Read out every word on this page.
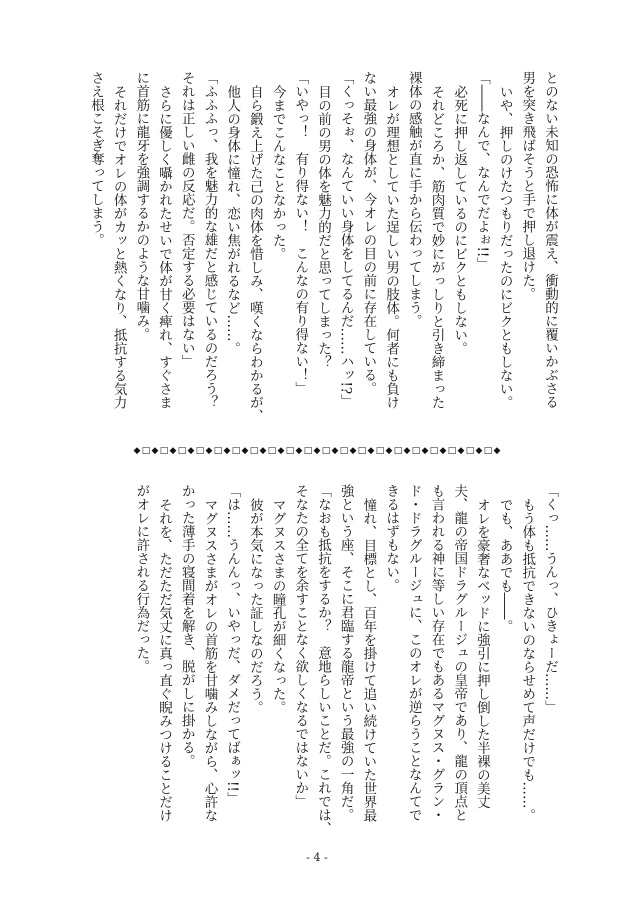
とのない未知の恐怖に体が震え、衝動的に覆いかぶさる
男を突き飛ばそうと手で押し退けた。
いや、押しのけたつもりだったのにビクともしない。
「――なんで、なんでだよぉ!!」
必死に押し返しているのにビクともしない。
それどころか、筋肉質で妙にがっしりと引き締まった
裸体の感触が直に手から伝わってしまう。
オレが理想としていた逞しい男の肢体。何者にも負け
ない最強の身体が、今オレの目の前に存在している。
「くっそぉ、なんていい身体をしてるんだ……ハッ!?」
目の前の男の体を魅力的だと思ってしまった？
「いやっ！　有り得ない！　こんなの有り得ない！」
今までこんなことなかった。
自ら鍛え上げた己の肉体を惜しみ、嘆くならわかるが、
他人の身体に憧れ、恋い焦がれるなど……。
「ふふふっ、我を魅力的な雄だと感じているのだろう？
それは正しい雌の反応だ。否定する必要はない」
さらに優しく囁かれたせいで体が甘く痺れ、すぐさま
に首筋に龍牙を強調するかのような甘噛み。
それだけでオレの体がカッと熱くなり、抵抗する気力
さえ根こそぎ奪ってしまう。
◆□◆□◆□◆□◆□◆□◆□◆□◆□◆□◆□◆□◆□◆□◆□◆□◆□◆□◆□◆□◆
「くっ……うんっ、ひきょーだ……」
もう体も抵抗できないのならせめて声だけでも……。
でも、ああでも――。
オレを豪奢なベッドに強引に押し倒した半裸の美丈
夫、龍の帝国ドラグルージュの皇帝であり、龍の頂点と
も言われる神に等しい存在でもあるマグヌス・グラン・
ド・ドラグルージュに、このオレが逆らうことなんてで
きるはずもない。
憧れ、目標とし、百年を掛けて追い続けていた世界最
強という座、そこに君臨する龍帝という最強の一角だ。
「なおも抵抗をするか？　意地らしいことだ。これでは、
そなたの全てを余すことなく欲しくなるではないか」
マグヌスさまの瞳孔が細くなった。
彼が本気になった証しなのだろう。
「は……うんんっ、いやっだ、ダメだってばぁッ!!」
マグヌスさまがオレの首筋を甘噛みしながら、心許な
かった薄手の寝間着を解き、脱がしに掛かる。
それを、ただただ気丈に真っ直ぐ睨みつけることだけ
がオレに許される行為だった。
- 4 -
